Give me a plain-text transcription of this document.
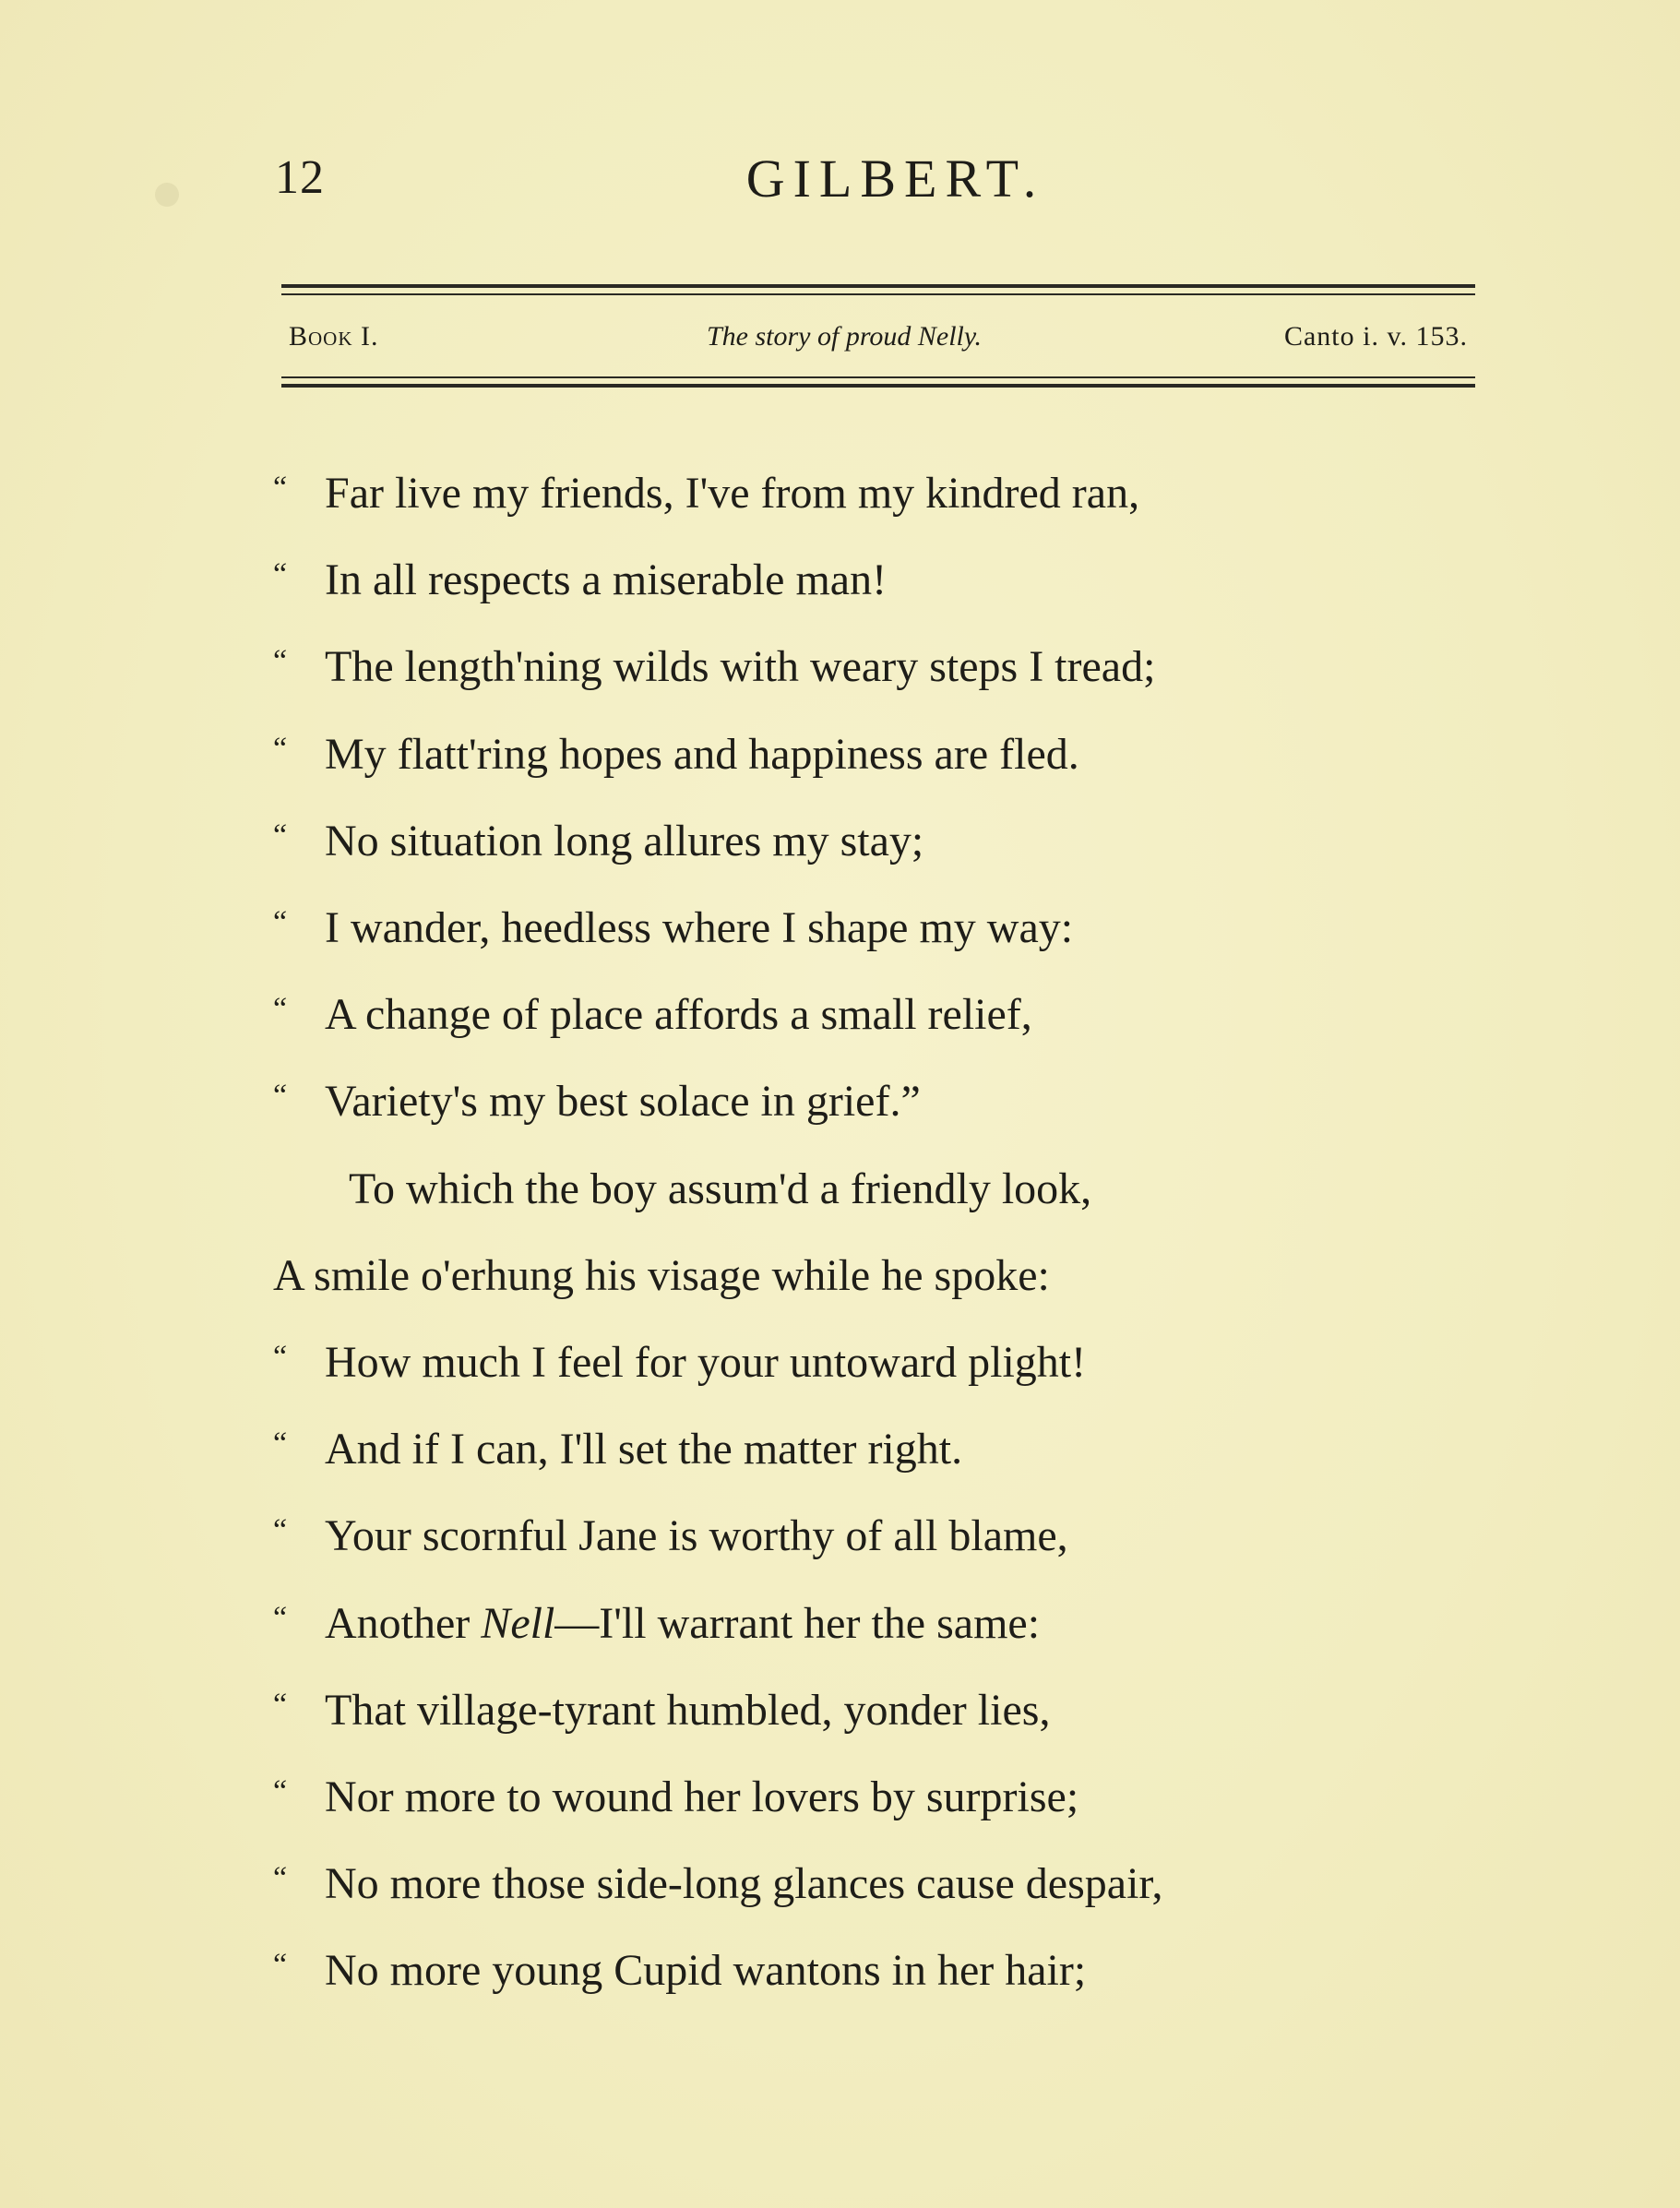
12	GILBERT.
Book I.	The story of proud Nelly.	Canto i. v. 153.
“ Far live my friends, I've from my kindred ran,
“ In all respects a miserable man!
“ The length'ning wilds with weary steps I tread;
“ My flatt'ring hopes and happiness are fled.
“ No situation long allures my stay;
“ I wander, heedless where I shape my way:
“ A change of place affords a small relief,
“ Variety's my best solace in grief.”
To which the boy assum'd a friendly look,
A smile o'erhung his visage while he spoke:
“ How much I feel for your untoward plight!
“ And if I can, I'll set the matter right.
“ Your scornful Jane is worthy of all blame,
“ Another Nell—I'll warrant her the same:
“ That village-tyrant humbled, yonder lies,
“ Nor more to wound her lovers by surprise;
“ No more those side-long glances cause despair,
“ No more young Cupid wantons in her hair;
